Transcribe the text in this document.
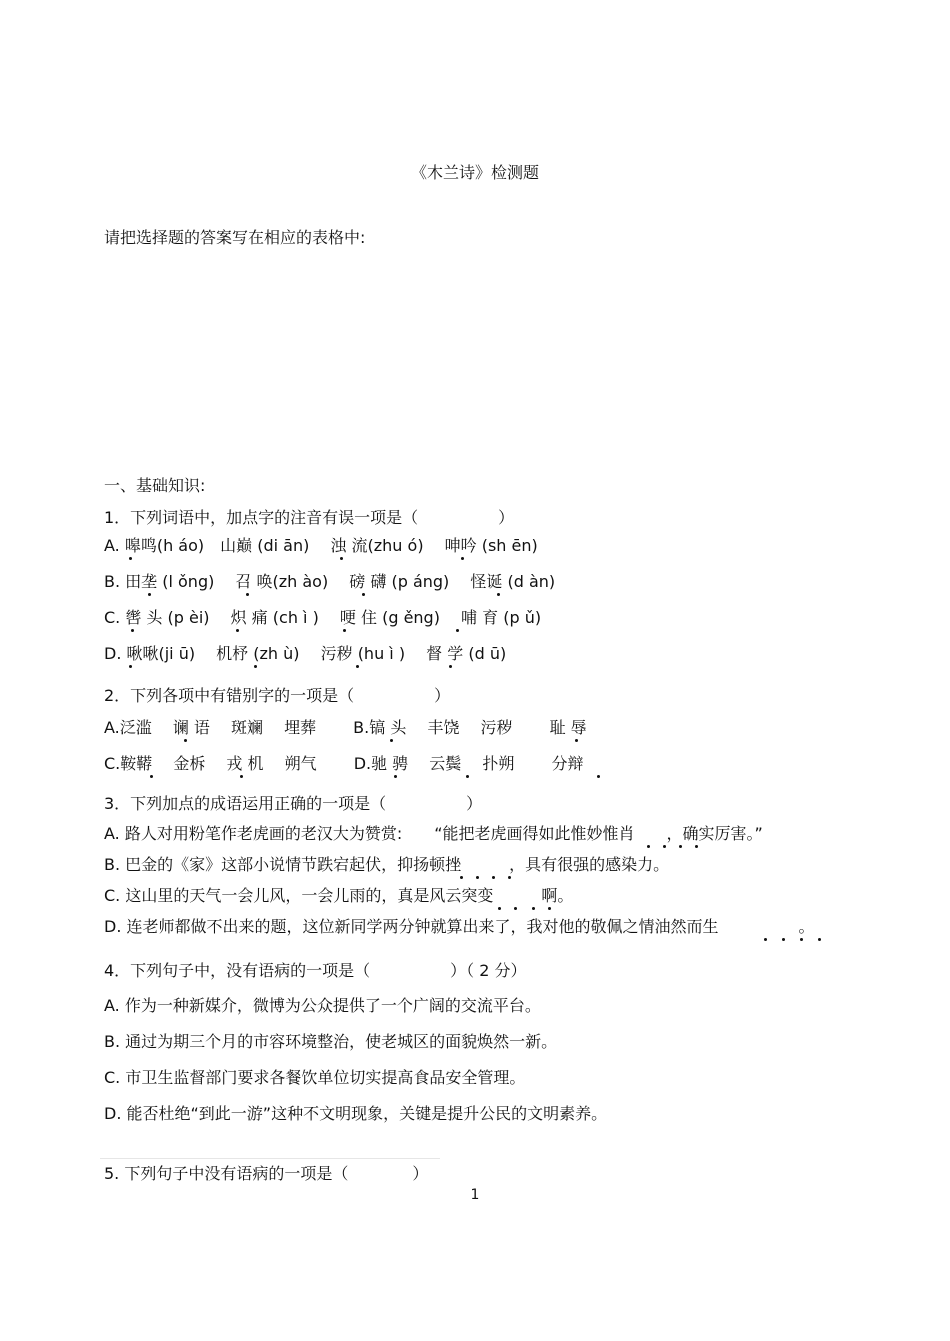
《木兰诗》检测题
请把选择题的答案写在相应的表格中:
一、基础知识:
1．下列词语中，加点字的注音有误一项是（　　　　　）
A. 嗥鸣(h áo)　山巅 (di ān)　 浊 流(zhu ó)　 呻吟 (sh ēn)
B. 田垄 (l ǒng)　 召 唤(zh ào)　 磅 礴 (p áng)　 怪诞 (d àn)
C. 辔 头 (p èi)　 炽 痛 (ch ì )　 哽 住 (g ěng)　 哺 育 (p ǔ)
D. 啾啾(ji ū)　 机杼 (zh ù)　 污秽 (hu ì )　 督 学 (d ū)
2．下列各项中有错别字的一项是（　　　　　）
A.泛滥　 谰 语　 斑斓　 埋葬　　 B.镐 头　 丰饶　 污秽　　 耻 辱
C.鞍鞯　 金柝　 戎 机　 朔气　　 D.驰 骋　 云鬓　 扑朔　　 分辩
3．下列加点的成语运用正确的一项是（　　　　　）
A. 路人对用粉笔作老虎画的老汉大为赞赏:　　“能把老虎画得如此惟妙惟肖　　，确实厉害。”
B. 巴金的《家》这部小说情节跌宕起伏，抑扬顿挫　　　，具有很强的感染力。
C. 这山里的天气一会儿风，一会儿雨的，真是风云突变　　　啊。
D. 连老师都做不出来的题，这位新同学两分钟就算出来了，我对他的敬佩之情油然而生　　　　　。
4．下列句子中，没有语病的一项是（　　　　　）（ 2 分）
A. 作为一种新媒介，微博为公众提供了一个广阔的交流平台。
B. 通过为期三个月的市容环境整治，使老城区的面貌焕然一新。
C. 市卫生监督部门要求各餐饮单位切实提高食品安全管理。
D. 能否杜绝“到此一游”这种不文明现象，关键是提升公民的文明素养。
5. 下列句子中没有语病的一项是（　　　　）
1
